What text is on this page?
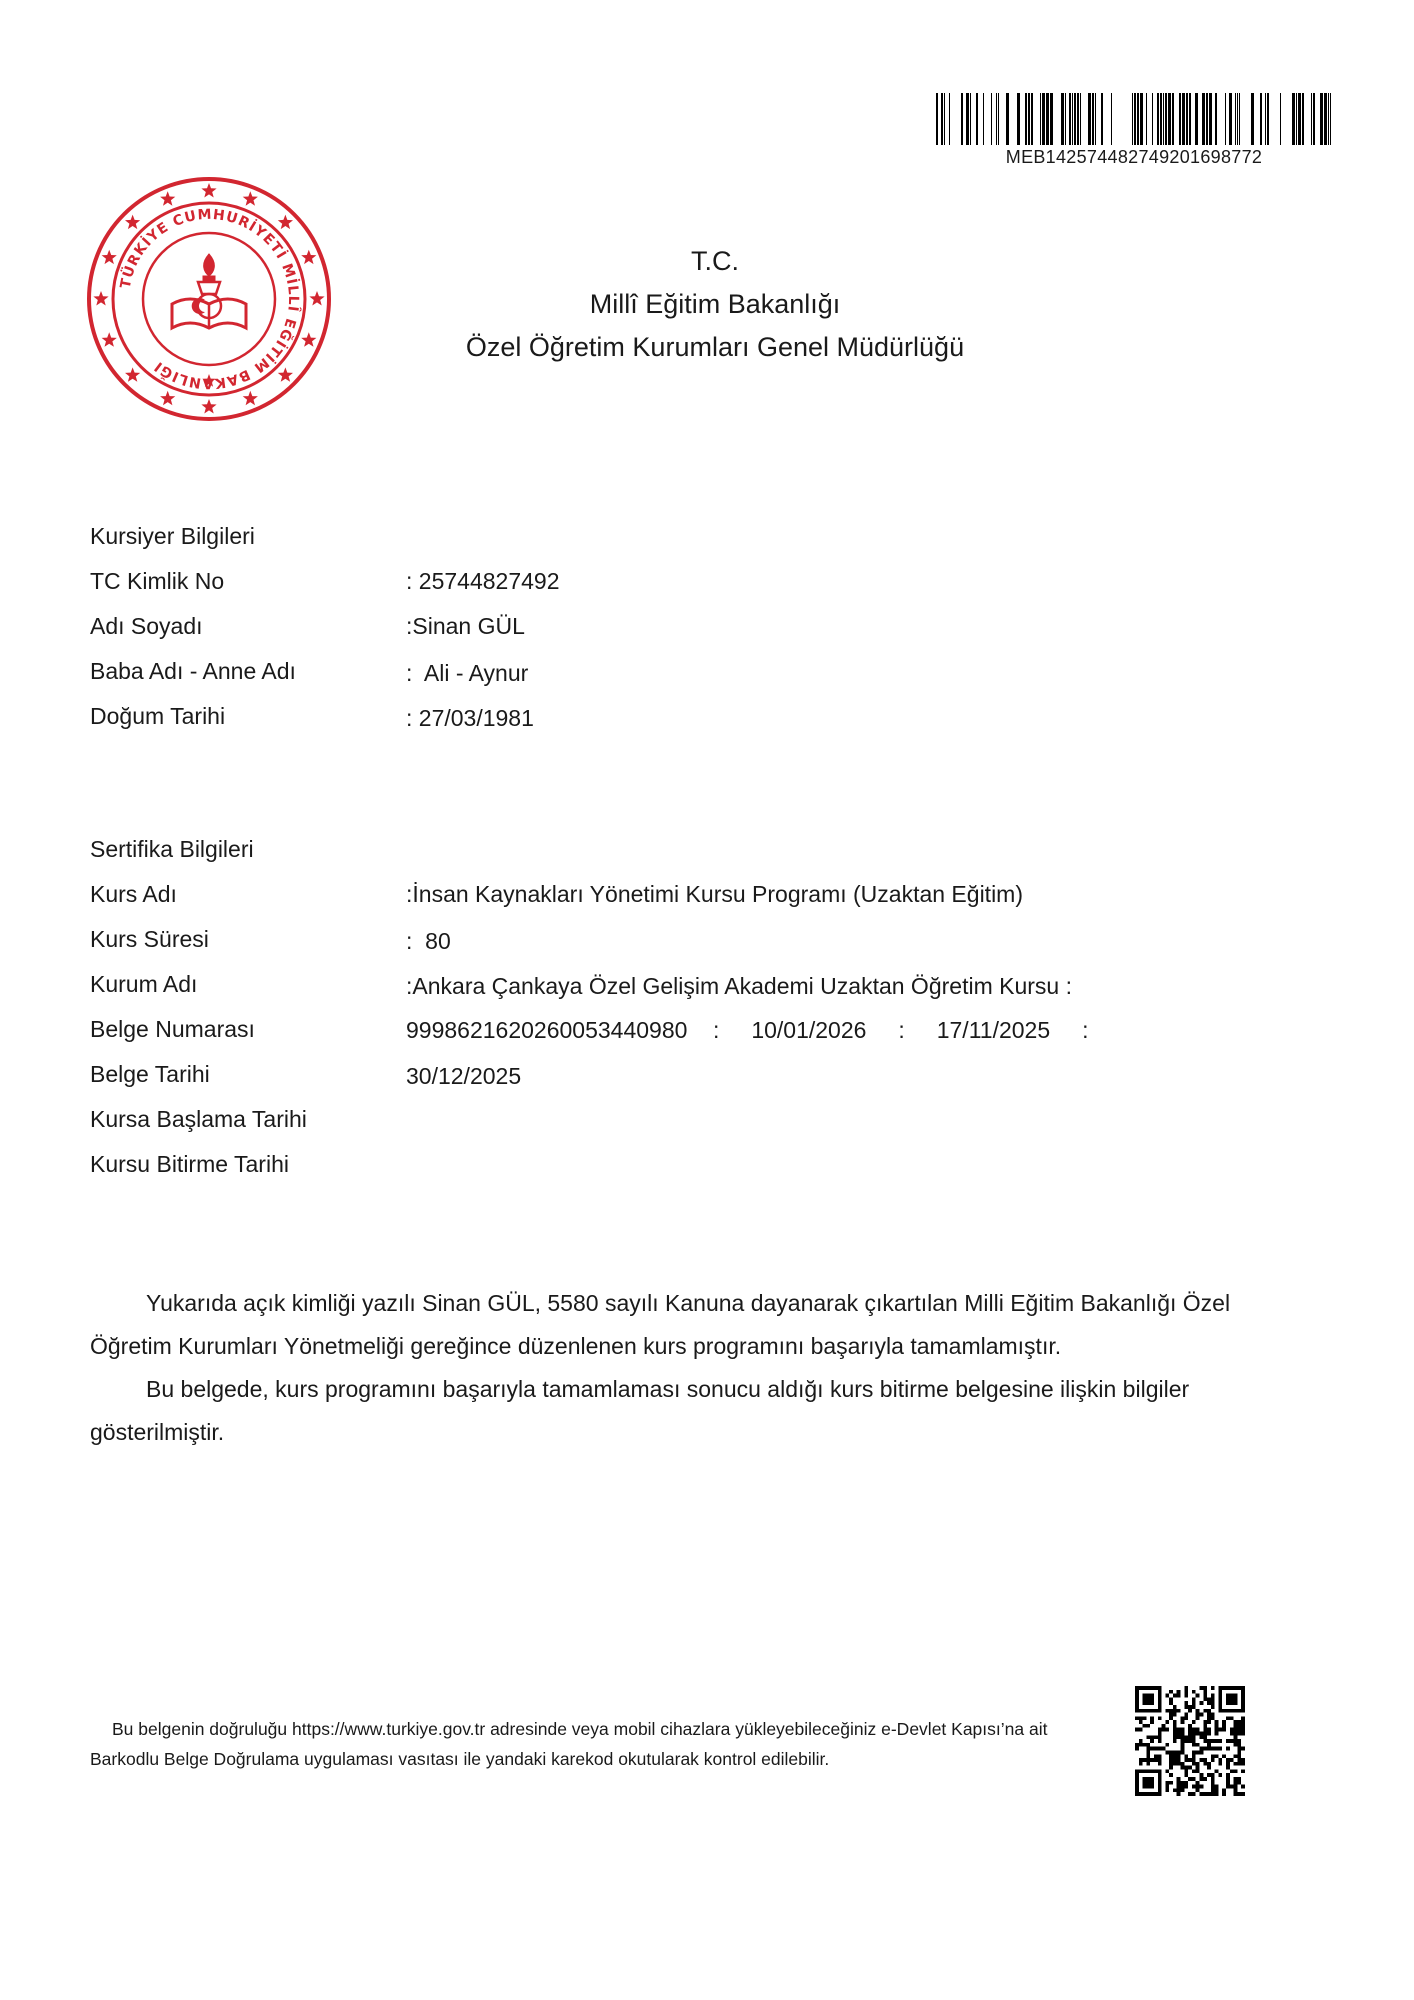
MEB14257448274920169877​2
TÜRKİYE CUMHURİYETİ MİLLÎ EĞİTİM BAKANLIĞI
T.C.
Millî Eğitim Bakanlığı
Özel Öğretim Kurumları Genel Müdürlüğü
Kursiyer Bilgileri
TC Kimlik No	: 25744827492
Adı Soyadı	:Sinan GÜL
Baba Adı - Anne Adı	:  Ali - Aynur
Doğum Tarihi	: 27/03/1981
Sertifika Bilgileri
Kurs Adı	:İnsan Kaynakları Yönetimi Kursu Programı (Uzaktan Eğitim)
Kurs Süresi	:  80
Kurum Adı	:Ankara Çankaya Özel Gelişim Akademi Uzaktan Öğretim Kursu :
Belge Numarası	99986216202600534409​80    :     10/01/2026     :     17/11/2025     :
Belge Tarihi	30/12/2025
Kursa Başlama Tarihi
Kursu Bitirme Tarihi
Yukarıda açık kimliği yazılı Sinan GÜL, 5580 sayılı Kanuna dayanarak çıkartılan Milli Eğitim Bakanlığı Özel Öğretim Kurumları Yönetmeliği gereğince düzenlenen kurs programını başarıyla tamamlamıştır.
Bu belgede, kurs programını başarıyla tamamlaması sonucu aldığı kurs bitirme belgesine ilişkin bilgiler gösterilmiştir.
Bu belgenin doğruluğu https://www.turkiye.gov.tr adresinde veya mobil cihazlara yükleyebileceğiniz e-Devlet Kapısı’na ait Barkodlu Belge Doğrulama uygulaması vasıtası ile yandaki karekod okutularak kontrol edilebilir.
